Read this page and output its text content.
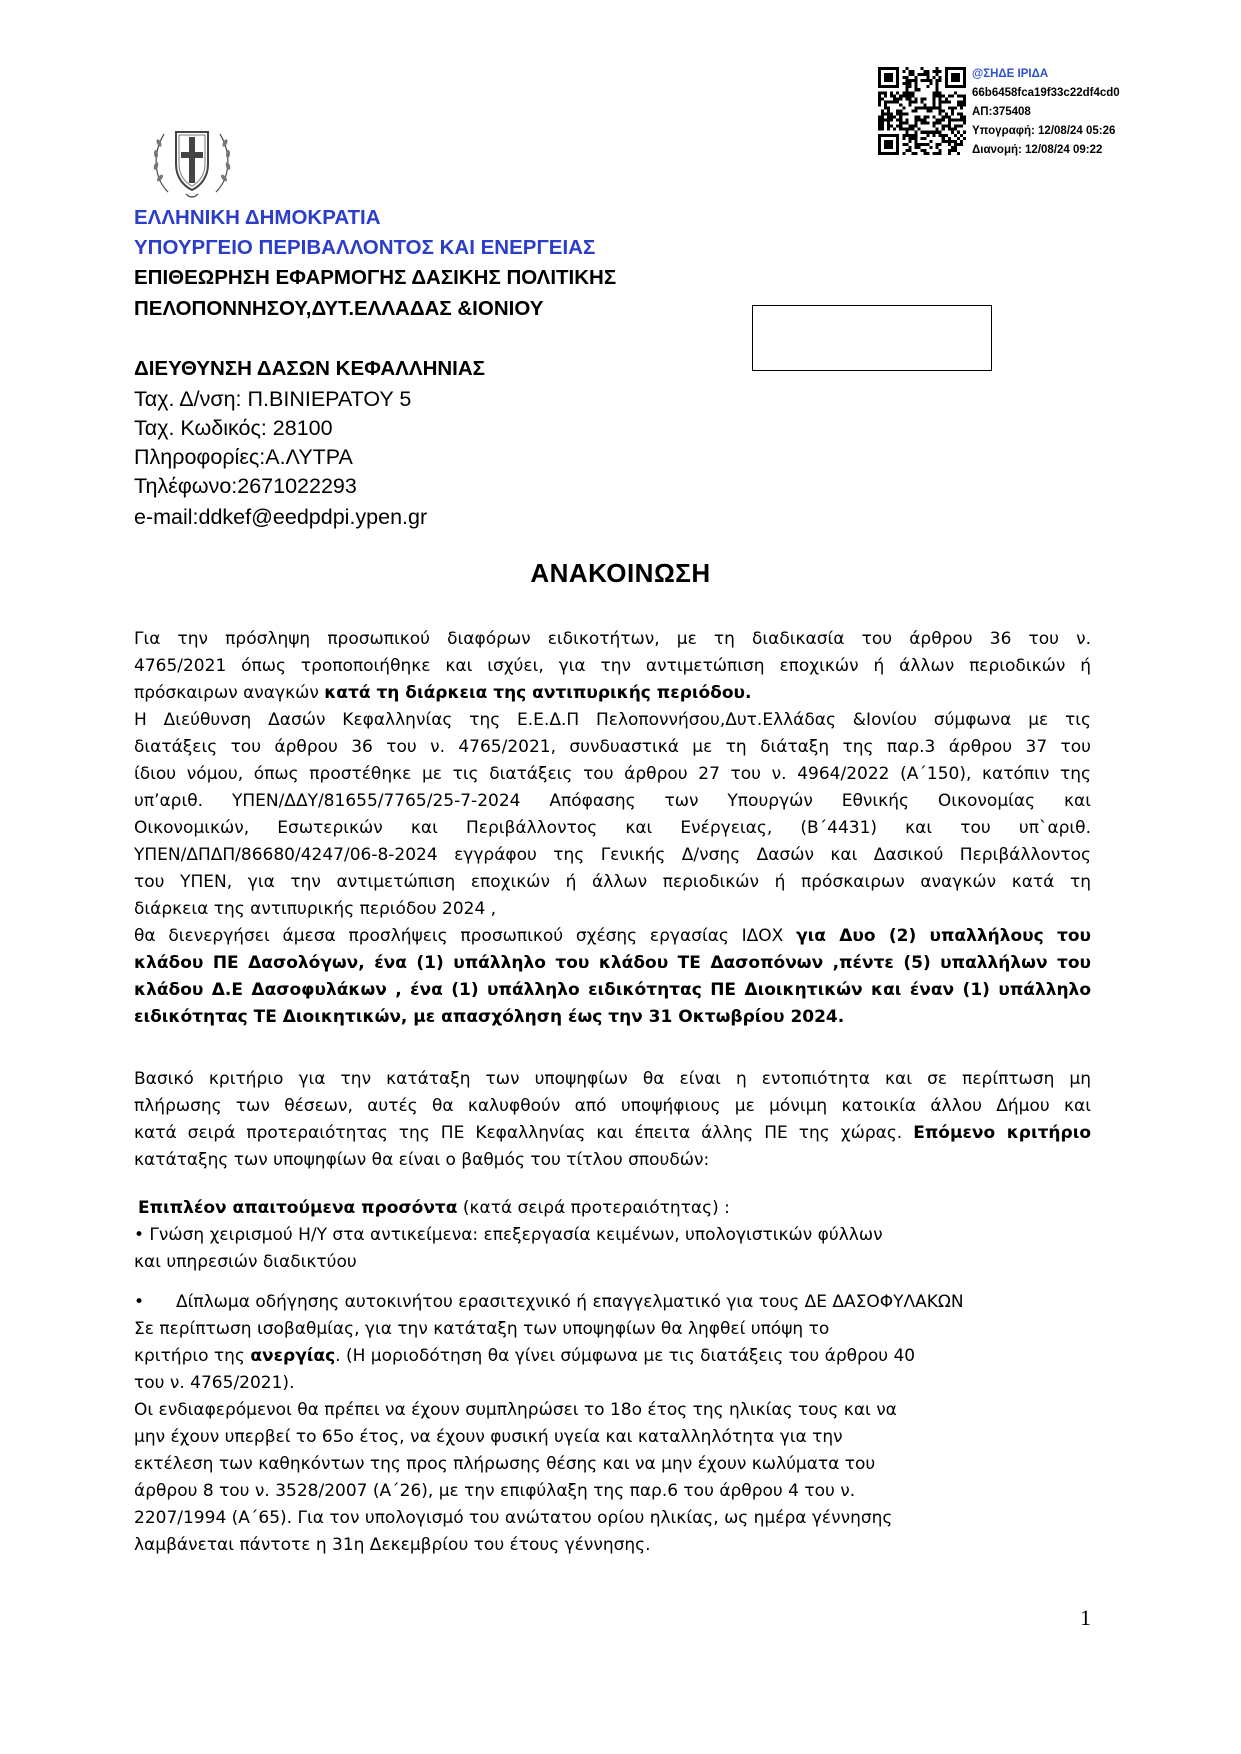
@ΣΗΔΕ ΙΡΙΔΑ
66b6458fca19f33c22df4cd0
ΑΠ:375408
Υπογραφή: 12/08/24 05:26
Διανομή: 12/08/24 09:22
ΕΛΛΗΝΙΚΗ ΔΗΜΟΚΡΑΤΙΑ
ΥΠΟΥΡΓΕΙΟ ΠΕΡΙΒΑΛΛΟΝΤΟΣ ΚΑΙ ΕΝΕΡΓΕΙΑΣ
ΕΠΙΘΕΩΡΗΣΗ ΕΦΑΡΜΟΓΗΣ ΔΑΣΙΚΗΣ ΠΟΛΙΤΙΚΗΣ
ΠΕΛΟΠΟΝΝΗΣΟΥ,ΔΥΤ.ΕΛΛΑΔΑΣ &ΙΟΝΙΟΥ
ΔΙΕΥΘΥΝΣΗ ΔΑΣΩΝ ΚΕΦΑΛΛΗΝΙΑΣ
Ταχ. Δ/νση: Π.ΒΙΝΙΕΡΑΤΟΥ 5
Ταχ. Κωδικός: 28100
Πληροφορίες:Α.ΛΥΤΡΑ
Τηλέφωνο:2671022293
e-mail:ddkef@eedpdpi.ypen.gr
ΑΝΑΚΟΙΝΩΣΗ
Για την πρόσληψη προσωπικού διαφόρων ειδικοτήτων, με τη διαδικασία του άρθρου 36 του ν.
4765/2021 όπως τροποποιήθηκε και ισχύει, για την αντιμετώπιση εποχικών ή άλλων περιοδικών ή
πρόσκαιρων αναγκών κατά τη διάρκεια της αντιπυρικής περιόδου.
Η Διεύθυνση Δασών Κεφαλληνίας της Ε.Ε.Δ.Π Πελοποννήσου,Δυτ.Ελλάδας &Ιονίου σύμφωνα με τις
διατάξεις του άρθρου 36 του ν. 4765/2021, συνδυαστικά με τη διάταξη της παρ.3 άρθρου 37 του
ίδιου νόμου, όπως προστέθηκε με τις διατάξεις του άρθρου 27 του ν. 4964/2022 (Α΄150), κατόπιν της
υπ’αριθ. ΥΠΕΝ/ΔΔΥ/81655/7765/25-7-2024 Απόφασης των Υπουργών Εθνικής Οικονομίας και
Οικονομικών, Εσωτερικών και Περιβάλλοντος και Ενέργειας, (Β΄4431) και του υπ`αριθ.
ΥΠΕΝ/ΔΠΔΠ/86680/4247/06-8-2024 εγγράφου της Γενικής Δ/νσης Δασών και Δασικού Περιβάλλοντος
του ΥΠΕΝ, για την αντιμετώπιση εποχικών ή άλλων περιοδικών ή πρόσκαιρων αναγκών κατά τη
διάρκεια της αντιπυρικής περιόδου 2024 ,
θα διενεργήσει άμεσα προσλήψεις προσωπικού σχέσης εργασίας ΙΔΟΧ για Δυο (2) υπαλλήλους του
κλάδου ΠΕ Δασολόγων, ένα (1) υπάλληλο του κλάδου ΤΕ Δασοπόνων ,πέντε (5) υπαλλήλων του
κλάδου Δ.Ε Δασοφυλάκων , ένα (1) υπάλληλο ειδικότητας ΠΕ Διοικητικών και έναν (1) υπάλληλο
ειδικότητας ΤΕ Διοικητικών, με απασχόληση έως την 31 Οκτωβρίου 2024.
Βασικό κριτήριο για την κατάταξη των υποψηφίων θα είναι η εντοπιότητα και σε περίπτωση μη
πλήρωσης των θέσεων, αυτές θα καλυφθούν από υποψήφιους με μόνιμη κατοικία άλλου Δήμου και
κατά σειρά προτεραιότητας της ΠΕ Κεφαλληνίας και έπειτα άλλης ΠΕ της χώρας. Επόμενο κριτήριο
κατάταξης των υποψηφίων θα είναι ο βαθμός του τίτλου σπουδών:
Επιπλέον απαιτούμενα προσόντα (κατά σειρά προτεραιότητας) :
• Γνώση χειρισμού Η/Υ στα αντικείμενα: επεξεργασία κειμένων, υπολογιστικών φύλλων
και υπηρεσιών διαδικτύου
• Δίπλωμα οδήγησης αυτοκινήτου ερασιτεχνικό ή επαγγελματικό για τους ΔΕ ΔΑΣΟΦΥΛΑΚΩΝ
Σε περίπτωση ισοβαθμίας, για την κατάταξη των υποψηφίων θα ληφθεί υπόψη το
κριτήριο της ανεργίας. (Η μοριοδότηση θα γίνει σύμφωνα με τις διατάξεις του άρθρου 40
του ν. 4765/2021).
Οι ενδιαφερόμενοι θα πρέπει να έχουν συμπληρώσει το 18ο έτος της ηλικίας τους και να
μην έχουν υπερβεί το 65ο έτος, να έχουν φυσική υγεία και καταλληλότητα για την
εκτέλεση των καθηκόντων της προς πλήρωσης θέσης και να μην έχουν κωλύματα του
άρθρου 8 του ν. 3528/2007 (Α΄26), με την επιφύλαξη της παρ.6 του άρθρου 4 του ν.
2207/1994 (Α΄65). Για τον υπολογισμό του ανώτατου ορίου ηλικίας, ως ημέρα γέννησης
λαμβάνεται πάντοτε η 31η Δεκεμβρίου του έτους γέννησης.
1
